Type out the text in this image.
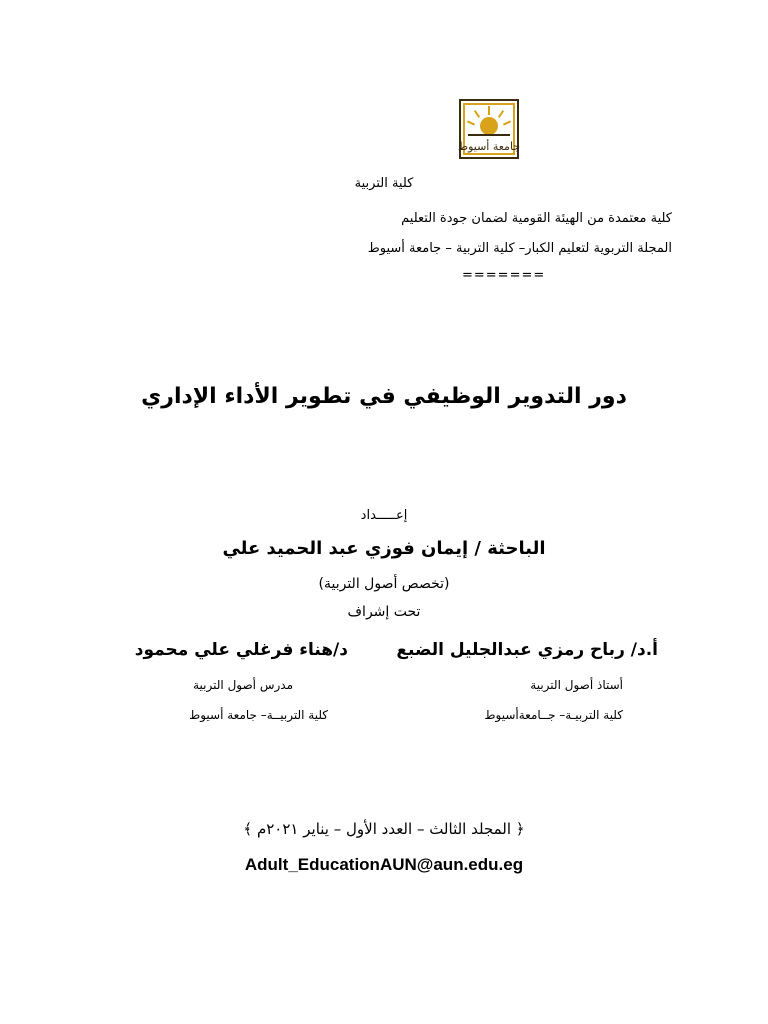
جامعة أسيوط
كلية التربية
كلية معتمدة من الهيئة القومية لضمان جودة التعليم
المجلة التربوية لتعليم الكبار– كلية التربية – جامعة أسيوط
=======
دور التدوير الوظيفي في تطوير الأداء الإداري
إعـــــداد
الباحثة / إيمان فوزي عبد الحميد علي
(تخصص أصول التربية)
تحت إشراف
أ.د/ رباح رمزي عبدالجليل الضبع
د/هناء فرغلي علي محمود
أستاذ أصول التربية
مدرس أصول التربية
كلية التربيـة– جــامعةأسيوط
كلية التربيــة– جامعة أسيوط
﴿ المجلد الثالث – العدد الأول – يناير ٢٠٢١م ﴾
Adult_EducationAUN@aun.edu.eg
